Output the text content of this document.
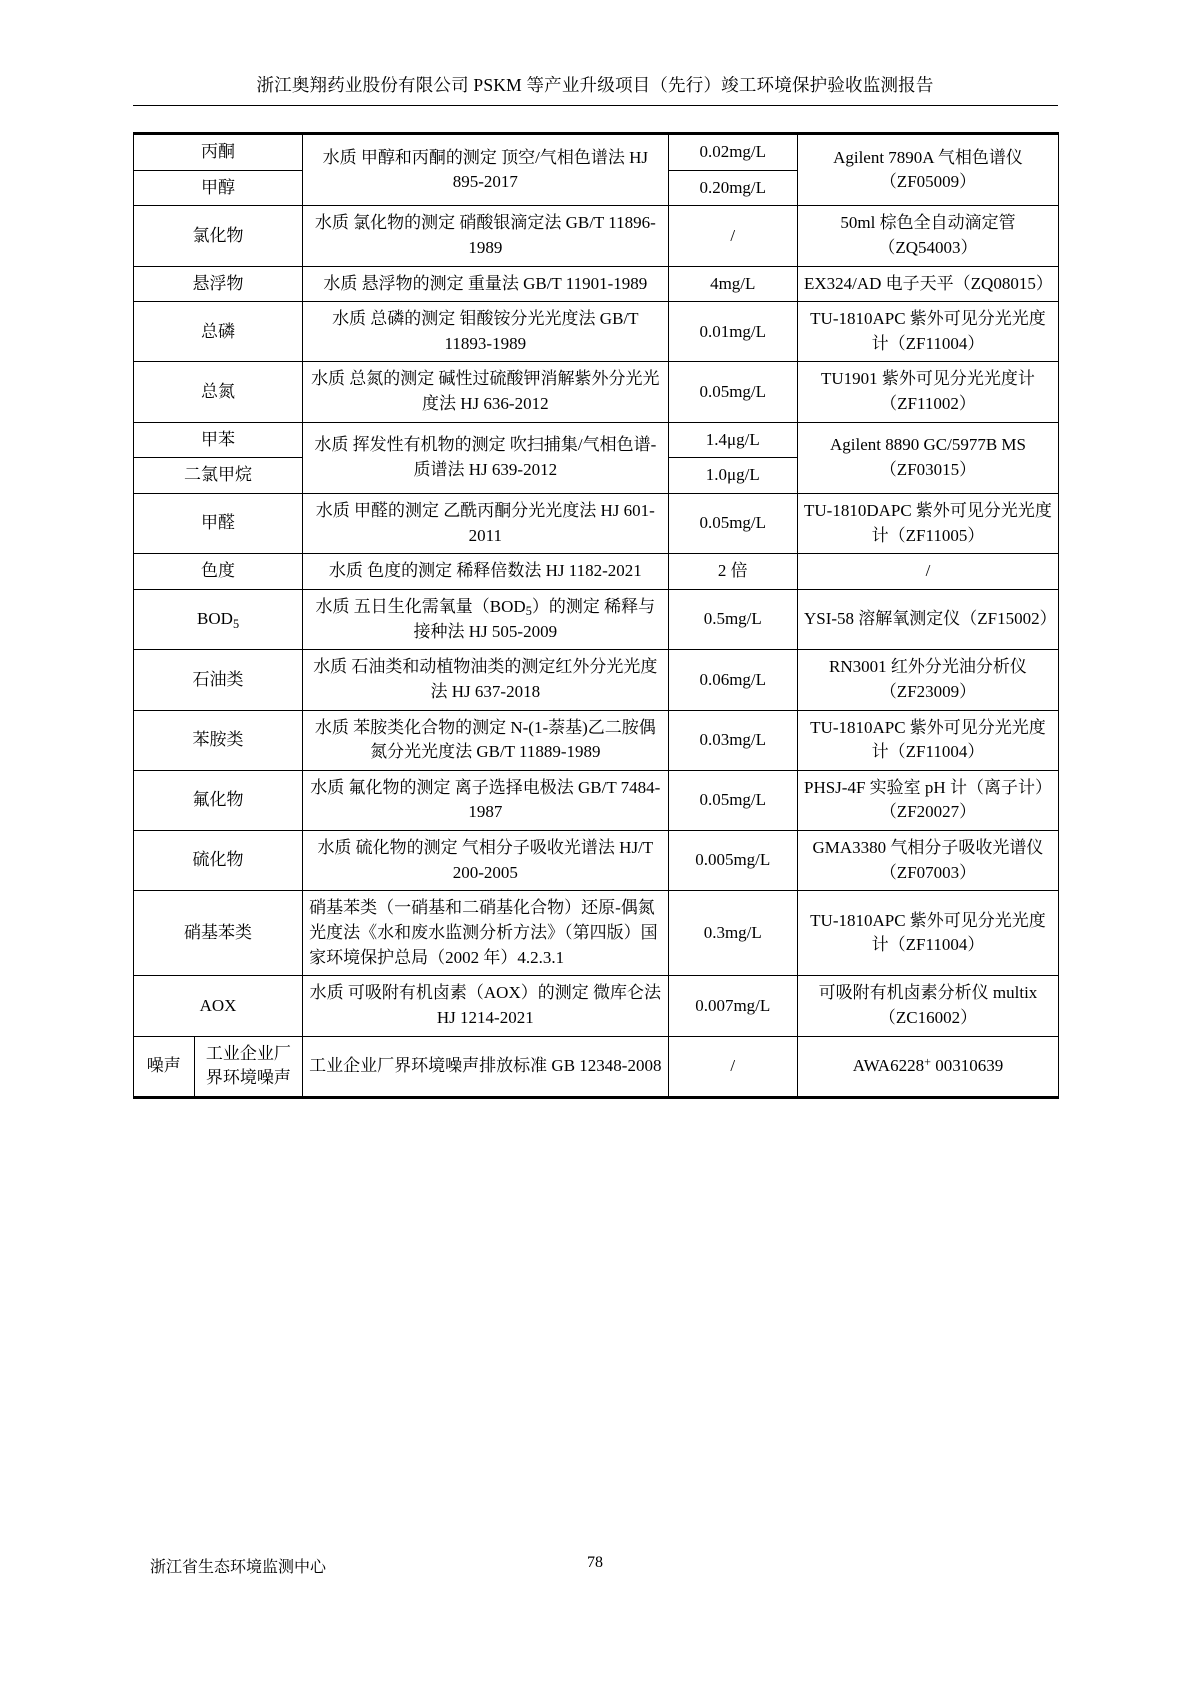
浙江奥翔药业股份有限公司 PSKM 等产业升级项目（先行）竣工环境保护验收监测报告
丙酮		水质 甲醇和丙酮的测定 顶空/气相色谱法 HJ 895-2017	0.02mg/L	Agilent 7890A 气相色谱仪（ZF05009）
甲醇			0.20mg/L	
氯化物		水质 氯化物的测定 硝酸银滴定法 GB/T 11896-1989	/	50ml 棕色全自动滴定管（ZQ54003）
悬浮物		水质 悬浮物的测定 重量法 GB/T 11901-1989	4mg/L	EX324/AD 电子天平（ZQ08015）
总磷		水质 总磷的测定 钼酸铵分光光度法 GB/T 11893-1989	0.01mg/L	TU-1810APC 紫外可见分光光度计（ZF11004）
总氮		水质 总氮的测定 碱性过硫酸钾消解紫外分光光度法 HJ 636-2012	0.05mg/L	TU1901 紫外可见分光光度计（ZF11002）
甲苯		水质 挥发性有机物的测定 吹扫捕集/气相色谱-质谱法 HJ 639-2012	1.4μg/L	Agilent 8890 GC/5977B MS（ZF03015）
二氯甲烷			1.0μg/L	
甲醛		水质 甲醛的测定 乙酰丙酮分光光度法 HJ 601-2011	0.05mg/L	TU-1810DAPC 紫外可见分光光度计（ZF11005）
色度		水质 色度的测定 稀释倍数法 HJ 1182-2021	2 倍	/
$BOD_5$		水质 五日生化需氧量$(BOD_5)$的测定 稀释与接种法 HJ 505-2009	0.5mg/L	YSI-58 溶解氧测定仪（ZF15002）
石油类		水质 石油类和动植物油类的测定红外分光光度法 HJ 637-2018	0.06mg/L	RN3001 红外分光油分析仪（ZF23009）
苯胺类		水质 苯胺类化合物的测定 N-(1-萘基)乙二胺偶氮分光光度法 GB/T 11889-1989	0.03mg/L	TU-1810APC 紫外可见分光光度计（ZF11004）
氟化物		水质 氟化物的测定 离子选择电极法 GB/T 7484-1987	0.05mg/L	PHSJ-4F 实验室 pH 计（离子计）（ZF20027）
硫化物		水质 硫化物的测定 气相分子吸收光谱法 HJ/T 200-2005	0.005mg/L	GMA3380 气相分子吸收光谱仪（ZF07003）
硝基苯类		硝基苯类（一硝基和二硝基化合物）还原-偶氮光度法《水和废水监测分析方法》（第四版）国家环境保护总局（2002 年）4.2.3.1	0.3mg/L	TU-1810APC 紫外可见分光光度计（ZF11004）
AOX		水质 可吸附有机卤素（AOX）的测定 微库仑法 HJ 1214-2021	0.007mg/L	可吸附有机卤素分析仪 multix （ZC16002）
噪声	工业企业厂界环境噪声	工业企业厂界环境噪声排放标准 GB 12348-2008	/	AWA6228+ 00310639
浙江省生态环境监测中心	78
